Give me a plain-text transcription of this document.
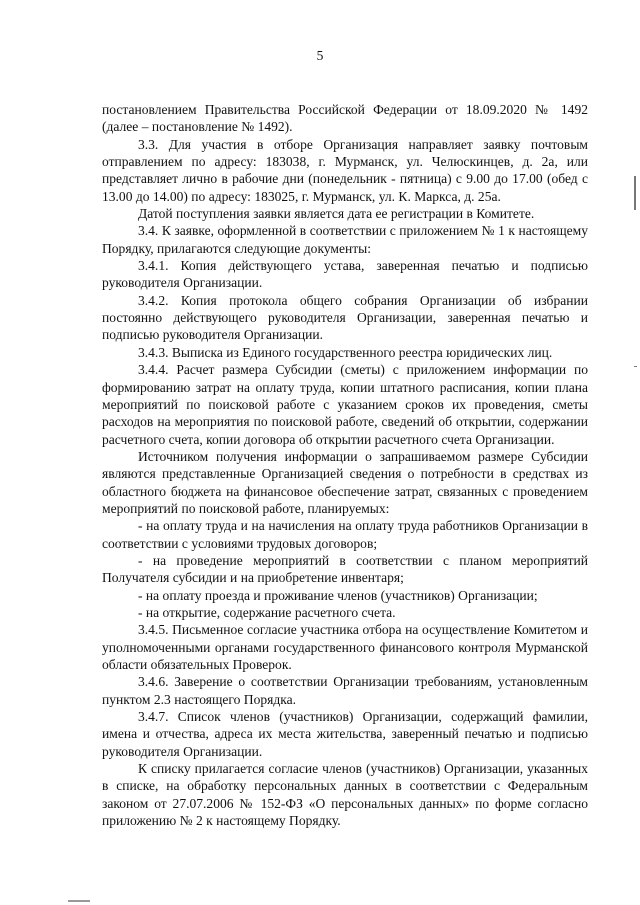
5

постановлением Правительства Российской Федерации от 18.09.2020 № 1492 (далее – постановление № 1492).

3.3. Для участия в отборе Организация направляет заявку почтовым отправлением по адресу: 183038, г. Мурманск, ул. Челюскинцев, д. 2а, или представляет лично в рабочие дни (понедельник - пятница) с 9.00 до 17.00 (обед с 13.00 до 14.00) по адресу: 183025, г. Мурманск, ул. К. Маркса, д. 25а.

Датой поступления заявки является дата ее регистрации в Комитете.

3.4. К заявке, оформленной в соответствии с приложением № 1 к настоящему Порядку, прилагаются следующие документы:

3.4.1. Копия действующего устава, заверенная печатью и подписью руководителя Организации.

3.4.2. Копия протокола общего собрания Организации об избрании постоянно действующего руководителя Организации, заверенная печатью и подписью руководителя Организации.

3.4.3. Выписка из Единого государственного реестра юридических лиц.

3.4.4. Расчет размера Субсидии (сметы) с приложением информации по формированию затрат на оплату труда, копии штатного расписания, копии плана мероприятий по поисковой работе с указанием сроков их проведения, сметы расходов на мероприятия по поисковой работе, сведений об открытии, содержании расчетного счета, копии договора об открытии расчетного счета Организации.

Источником получения информации о запрашиваемом размере Субсидии являются представленные Организацией сведения о потребности в средствах из областного бюджета на финансовое обеспечение затрат, связанных с проведением мероприятий по поисковой работе, планируемых:

- на оплату труда и на начисления на оплату труда работников Организации в соответствии с условиями трудовых договоров;

- на проведение мероприятий в соответствии с планом мероприятий Получателя субсидии и на приобретение инвентаря;

- на оплату проезда и проживание членов (участников) Организации;

- на открытие, содержание расчетного счета.

3.4.5. Письменное согласие участника отбора на осуществление Комитетом и уполномоченными органами государственного финансового контроля Мурманской области обязательных Проверок.

3.4.6. Заверение о соответствии Организации требованиям, установленным пунктом 2.3 настоящего Порядка.

3.4.7. Список членов (участников) Организации, содержащий фамилии, имена и отчества, адреса их места жительства, заверенный печатью и подписью руководителя Организации.

К списку прилагается согласие членов (участников) Организации, указанных в списке, на обработку персональных данных в соответствии с Федеральным законом от 27.07.2006 № 152-ФЗ «О персональных данных» по форме согласно приложению № 2 к настоящему Порядку.
